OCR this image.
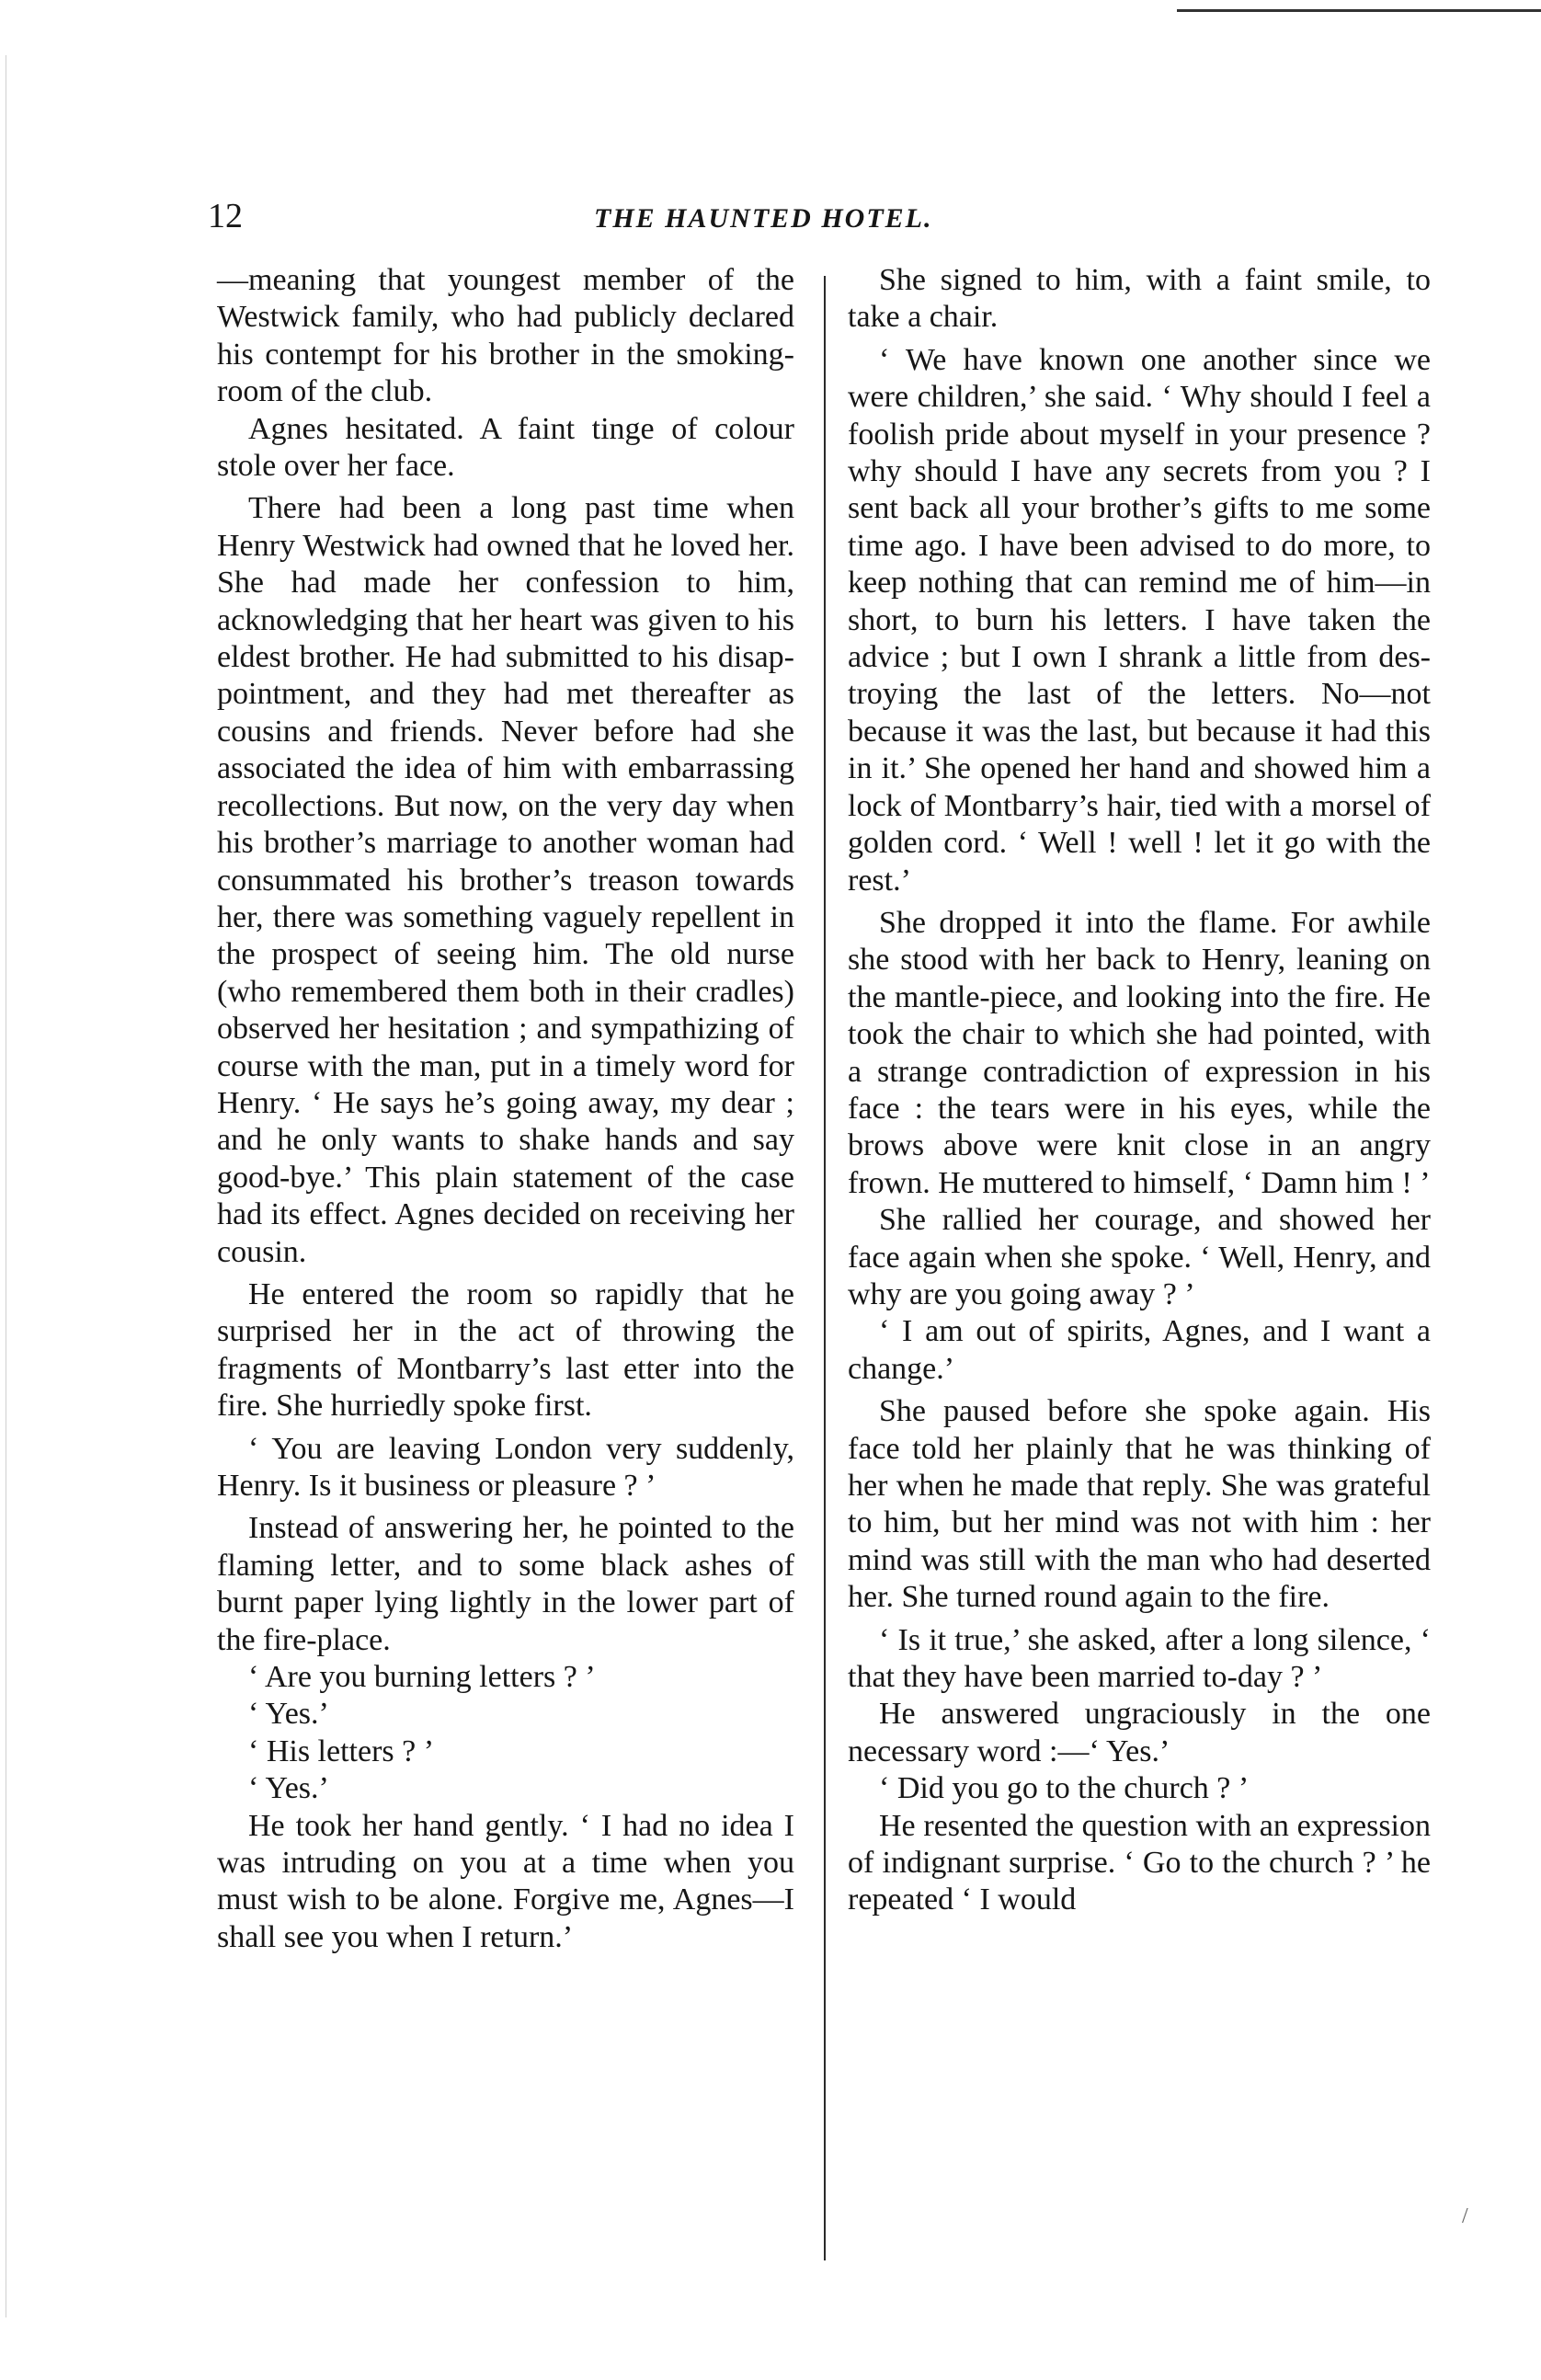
12	THE HAUNTED HOTEL.

—meaning that youngest member of the Westwick family, who had publicly declared his contempt for his brother in the smoking-room of the club.

Agnes hesitated. A faint tinge of colour stole over her face.

There had been a long past time when Henry Westwick had owned that he loved her. She had made her confession to him, acknowledging that her heart was given to his eldest brother. He had submitted to his disappointment, and they had met thereafter as cousins and friends. Never before had she associated the idea of him with embarrassing recollections. But now, on the very day when his brother’s marriage to another woman had consummated his brother’s treason towards her, there was something vaguely repellent in the prospect of seeing him. The old nurse (who remembered them both in their cradles) observed her hesitation ; and sympathizing of course with the man, put in a timely word for Henry. ‘ He says he’s going away, my dear ; and he only wants to shake hands and say good-bye.’ This plain statement of the case had its effect. Agnes decided on receiving her cousin.

He entered the room so rapidly that he surprised her in the act of throwing the fragments of Montbarry’s last etter into the fire. She hurriedly spoke first.

‘ You are leaving London very suddenly, Henry. Is it business or pleasure ? ’

Instead of answering her, he pointed to the flaming letter, and to some black ashes of burnt paper lying lightly in the lower part of the fire-place.

‘ Are you burning letters ? ’

‘ Yes.’

‘ His letters ? ’

‘ Yes.’

He took her hand gently. ‘ I had no idea I was intruding on you at a time when you must wish to be alone. Forgive me, Agnes—I shall see you when I return.’

She signed to him, with a faint smile, to take a chair.

‘ We have known one another since we were children,’ she said. ‘ Why should I feel a foolish pride about myself in your presence ? why should I have any secrets from you ? I sent back all your brother’s gifts to me some time ago. I have been advised to do more, to keep nothing that can remind me of him—in short, to burn his letters. I have taken the advice ; but I own I shrank a little from destroying the last of the letters. No—not because it was the last, but because it had this in it.’ She opened her hand and showed him a lock of Montbarry’s hair, tied with a morsel of golden cord. ‘ Well ! well ! let it go with the rest.’

She dropped it into the flame. For awhile she stood with her back to Henry, leaning on the mantle-piece, and looking into the fire. He took the chair to which she had pointed, with a strange contradiction of expression in his face : the tears were in his eyes, while the brows above were knit close in an angry frown. He muttered to himself, ‘ Damn him ! ’

She rallied her courage, and showed her face again when she spoke. ‘ Well, Henry, and why are you going away ? ’

‘ I am out of spirits, Agnes, and I want a change.’

She paused before she spoke again. His face told her plainly that he was thinking of her when he made that reply. She was grateful to him, but her mind was not with him : her mind was still with the man who had deserted her. She turned round again to the fire.

‘ Is it true,’ she asked, after a long silence, ‘ that they have been married to-day ? ’

He answered ungraciously in the one necessary word :—‘ Yes.’

‘ Did you go to the church ? ’

He resented the question with an expression of indignant surprise. ‘ Go to the church ? ’ he repeated ‘ I would

/
